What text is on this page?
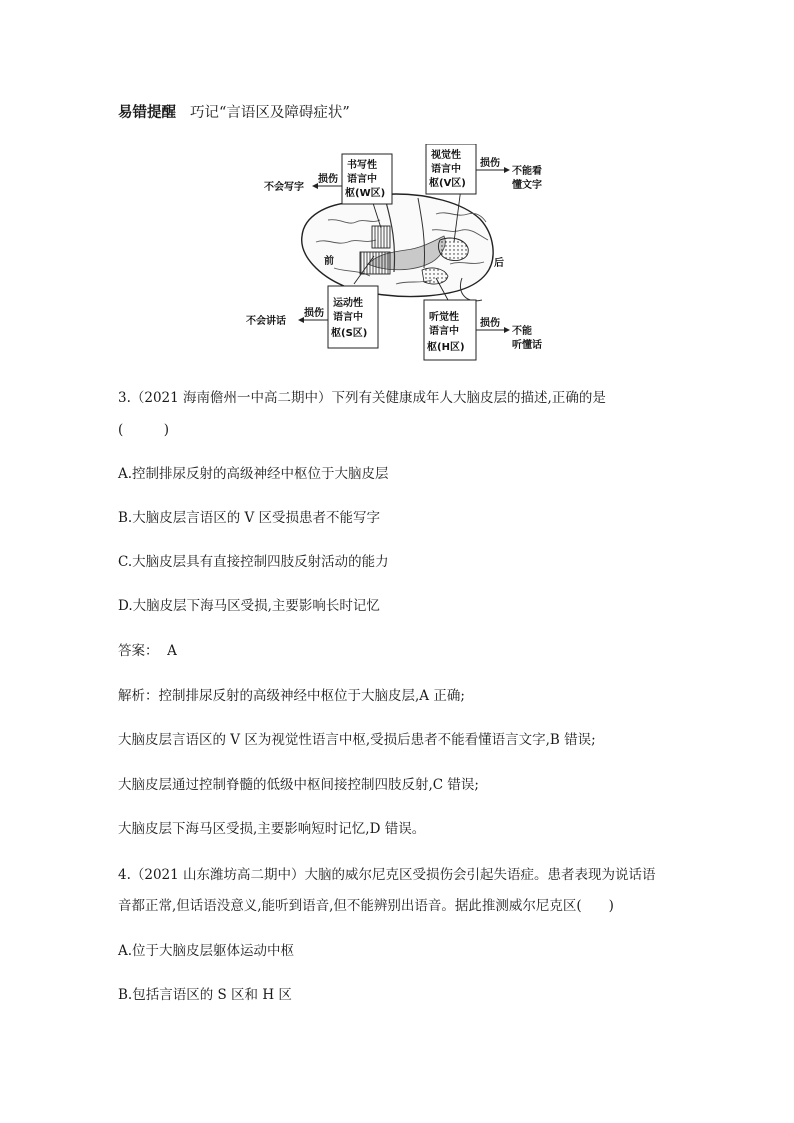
易错提醒 巧记“言语区及障碍症状”
书写性
语言中
枢(W区)
损伤
不会写字
视觉性
语言中
枢(V区)
损伤
不能看
懂文字
前	后
运动性
语言中
枢(S区)
损伤
不会讲话	听觉性
语言中
枢(H区)
损伤
不能
听懂话
3.（2021 海南儋州一中高二期中）下列有关健康成年人大脑皮层的描述,正确的是
(　　　)
A.控制排尿反射的高级神经中枢位于大脑皮层
B.大脑皮层言语区的 V 区受损患者不能写字
C.大脑皮层具有直接控制四肢反射活动的能力
D.大脑皮层下海马区受损,主要影响长时记忆
答案： A
解析：控制排尿反射的高级神经中枢位于大脑皮层,A 正确;
大脑皮层言语区的 V 区为视觉性语言中枢,受损后患者不能看懂语言文字,B 错误;
大脑皮层通过控制脊髓的低级中枢间接控制四肢反射,C 错误;
大脑皮层下海马区受损,主要影响短时记忆,D 错误。
4.（2021 山东潍坊高二期中）大脑的威尔尼克区受损伤会引起失语症。患者表现为说话语
音都正常,但话语没意义,能听到语音,但不能辨别出语音。据此推测威尔尼克区(　　)
A.位于大脑皮层躯体运动中枢
B.包括言语区的 S 区和 H 区
